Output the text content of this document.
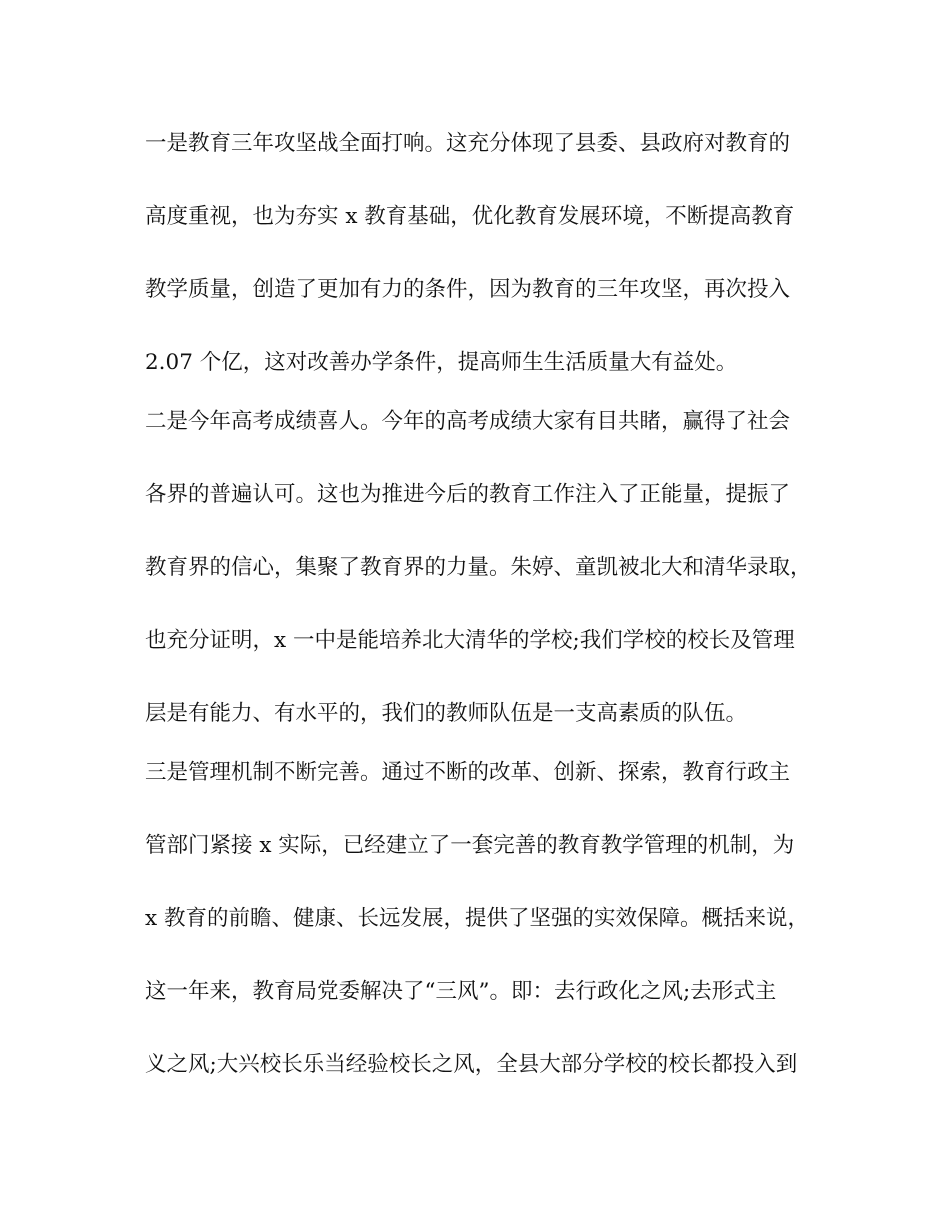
一是教育三年攻坚战全面打响。这充分体现了县委、县政府对教育的
高度重视，也为夯实 x 教育基础，优化教育发展环境，不断提高教育
教学质量，创造了更加有力的条件，因为教育的三年攻坚，再次投入
2.07 个亿，这对改善办学条件，提高师生生活质量大有益处。
二是今年高考成绩喜人。今年的高考成绩大家有目共睹，赢得了社会
各界的普遍认可。这也为推进今后的教育工作注入了正能量，提振了
教育界的信心，集聚了教育界的力量。朱婷、童凯被北大和清华录取，
也充分证明，x 一中是能培养北大清华的学校;我们学校的校长及管理
层是有能力、有水平的，我们的教师队伍是一支高素质的队伍。
三是管理机制不断完善。通过不断的改革、创新、探索，教育行政主
管部门紧接 x 实际，已经建立了一套完善的教育教学管理的机制，为
x 教育的前瞻、健康、长远发展，提供了坚强的实效保障。概括来说，
这一年来，教育局党委解决了“三风”。即：去行政化之风;去形式主
义之风;大兴校长乐当经验校长之风，全县大部分学校的校长都投入到
